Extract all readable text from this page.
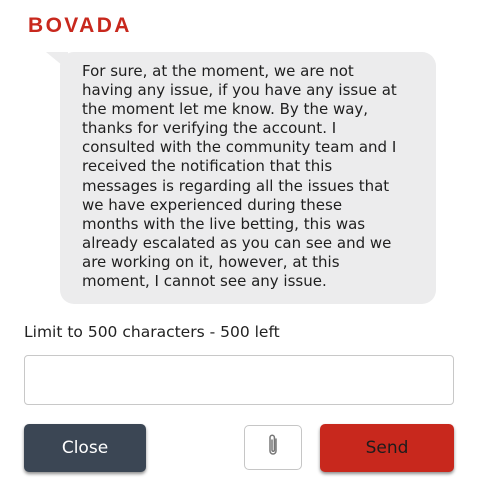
BOVADA

For sure, at the moment, we are not
having any issue, if you have any issue at
the moment let me know. By the way,
thanks for verifying the account. I
consulted with the community team and I
received the notification that this
messages is regarding all the issues that
we have experienced during these
months with the live betting, this was
already escalated as you can see and we
are working on it, however, at this
moment, I cannot see any issue.

Limit to 500 characters - 500 left
Close	Send
